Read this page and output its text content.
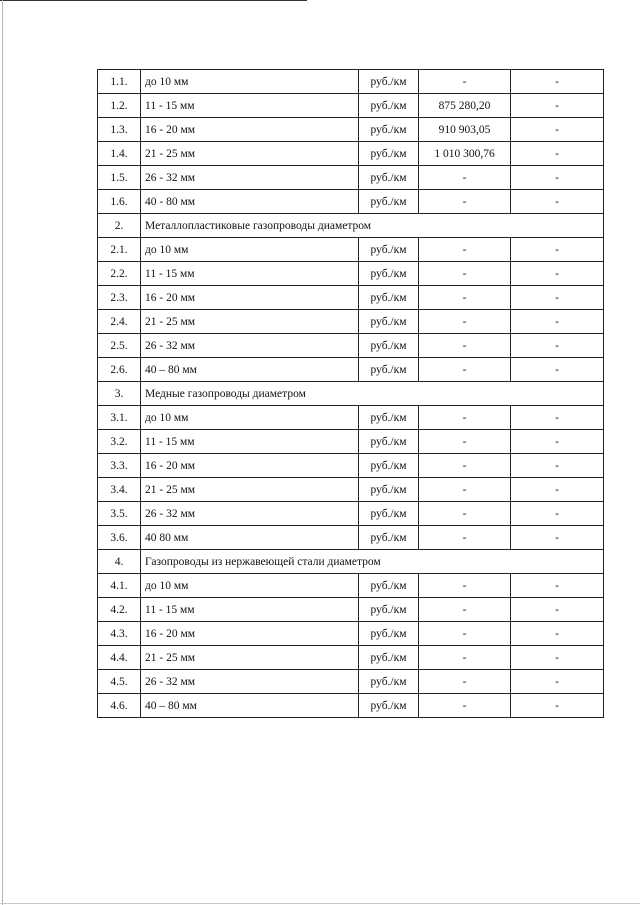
1.1.	до 10 мм	руб./км	-	-
1.2.	11 - 15 мм	руб./км	875 280,20	-
1.3.	16 - 20 мм	руб./км	910 903,05	-
1.4.	21 - 25 мм	руб./км	1 010 300,76	-
1.5.	26 - 32 мм	руб./км	-	-
1.6.	40 - 80 мм	руб./км	-	-
2.	Металлопластиковые газопроводы диаметром			
2.1.	до 10 мм	руб./км	-	-
2.2.	11 - 15 мм	руб./км	-	-
2.3.	16 - 20 мм	руб./км	-	-
2.4.	21 - 25 мм	руб./км	-	-
2.5.	26 - 32 мм	руб./км	-	-
2.6.	40 – 80 мм	руб./км	-	-
3.	Медные газопроводы диаметром			
3.1.	до 10 мм	руб./км	-	-
3.2.	11 - 15 мм	руб./км	-	-
3.3.	16 - 20 мм	руб./км	-	-
3.4.	21 - 25 мм	руб./км	-	-
3.5.	26 - 32 мм	руб./км	-	-
3.6.	40 80 мм	руб./км	-	-
4.	Газопроводы из нержавеющей стали диаметром			
4.1.	до 10 мм	руб./км	-	-
4.2.	11 - 15 мм	руб./км	-	-
4.3.	16 - 20 мм	руб./км	-	-
4.4.	21 - 25 мм	руб./км	-	-
4.5.	26 - 32 мм	руб./км	-	-
4.6.	40 – 80 мм	руб./км	-	-
